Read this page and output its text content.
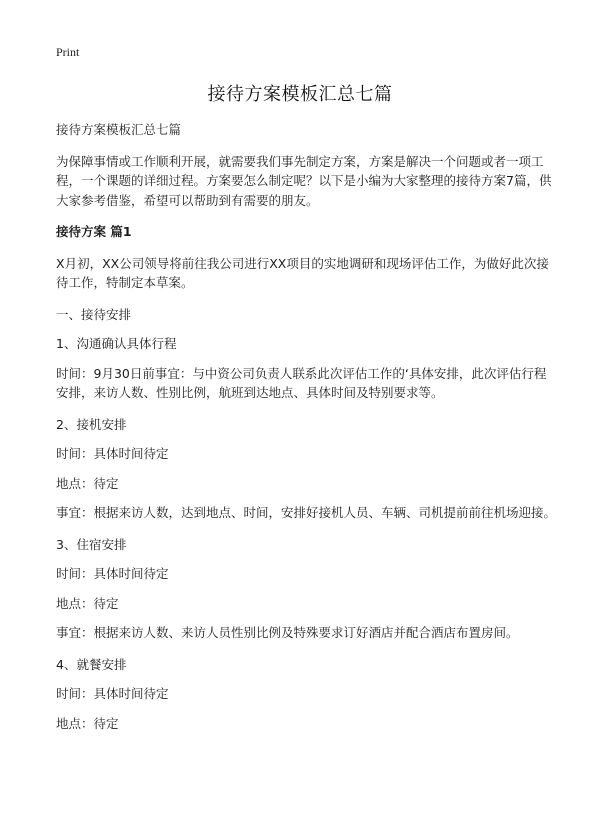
Print
接待方案模板汇总七篇

接待方案模板汇总七篇

为保障事情或工作顺利开展，就需要我们事先制定方案，方案是解决一个问题或者一项工程，一个课题的详细过程。方案要怎么制定呢？以下是小编为大家整理的接待方案7篇，供大家参考借鉴，希望可以帮助到有需要的朋友。

接待方案 篇1

X月初，XX公司领导将前往我公司进行XX项目的实地调研和现场评估工作，为做好此次接待工作，特制定本草案。

一、接待安排

1、沟通确认具体行程

时间：9月30日前事宜：与中资公司负责人联系此次评估工作的‘具体安排，此次评估行程安排，来访人数、性别比例，航班到达地点、具体时间及特别要求等。

2、接机安排

时间：具体时间待定

地点：待定

事宜：根据来访人数，达到地点、时间，安排好接机人员、车辆、司机提前前往机场迎接。

3、住宿安排

时间：具体时间待定

地点：待定

事宜：根据来访人数、来访人员性别比例及特殊要求订好酒店并配合酒店布置房间。

4、就餐安排

时间：具体时间待定

地点：待定
